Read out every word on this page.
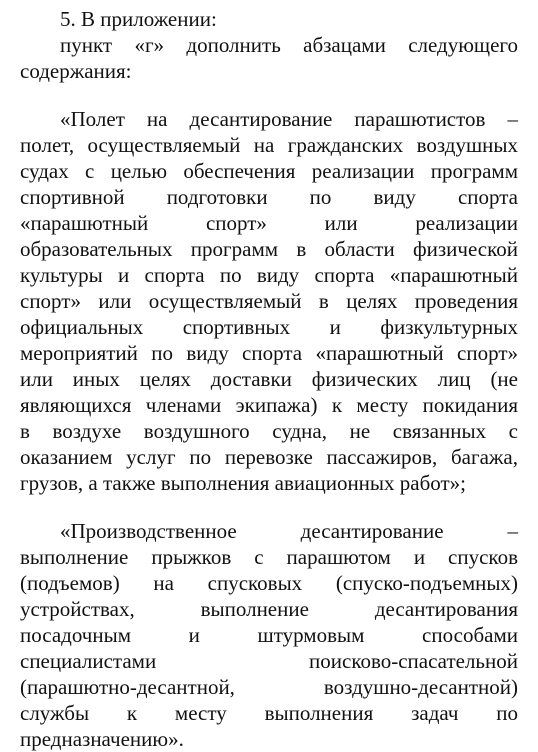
5. В приложении:
пункт «г» дополнить абзацами следующего
содержания:
«Полет на десантирование парашютистов –
полет, осуществляемый на гражданских воздушных
судах с целью обеспечения реализации программ
спортивной подготовки по виду спорта
«парашютный спорт» или реализации
образовательных программ в области физической
культуры и спорта по виду спорта «парашютный
спорт» или осуществляемый в целях проведения
официальных спортивных и физкультурных
мероприятий по виду спорта «парашютный спорт»
или иных целях доставки физических лиц (не
являющихся членами экипажа) к месту покидания
в воздухе воздушного судна, не связанных с
оказанием услуг по перевозке пассажиров, багажа,
грузов, а также выполнения авиационных работ»;
«Производственное десантирование –
выполнение прыжков с парашютом и спусков
(подъемов) на спусковых (спуско-подъемных)
устройствах, выполнение десантирования
посадочным и штурмовым способами
специалистами поисково-спасательной
(парашютно-десантной, воздушно-десантной)
службы к месту выполнения задач по
предназначению».
